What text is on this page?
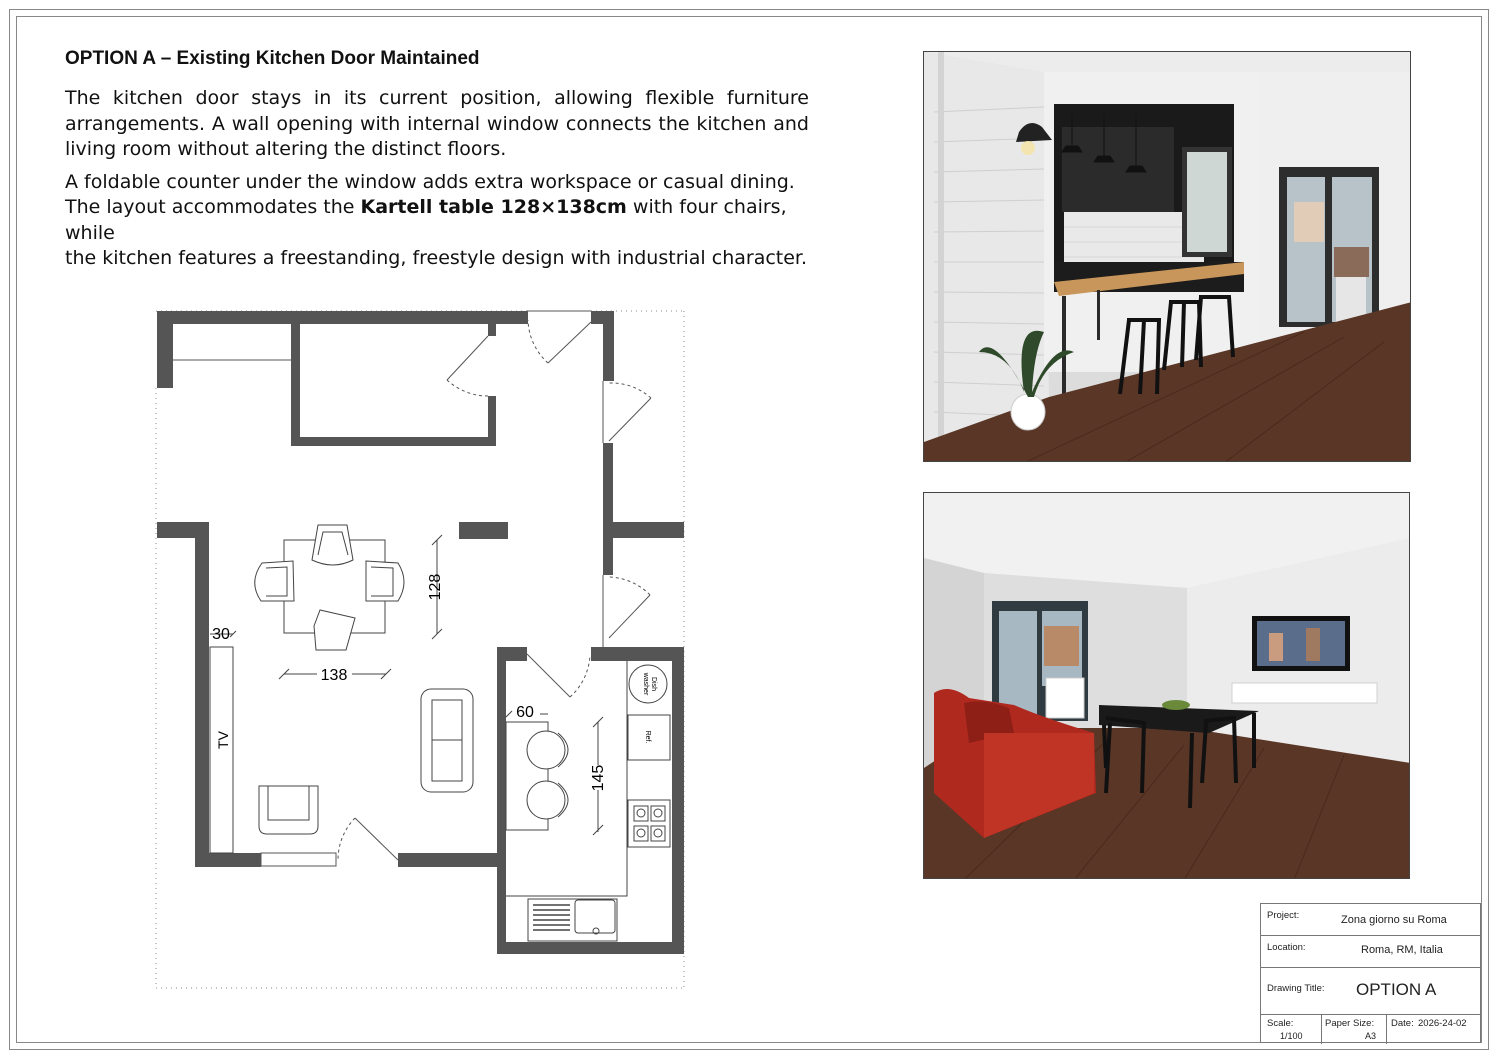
OPTION A – Existing Kitchen Door Maintained

The kitchen door stays in its current position, allowing flexible furniture arrangements. A wall opening with internal window connects the kitchen and living room without altering the distinct floors.

A foldable counter under the window adds extra workspace or casual dining.
The layout accommodates the Kartell table 128×138cm with four chairs, while
the kitchen features a freestanding, freestyle design with industrial character.

TV
Dish
washer
Ref.
128
138
30
60
145
Project:	Zona giorno su Roma
Location:	Roma, RM, Italia
Drawing Title: OPTION A
Scale:
1/100
Paper Size:
A3
Date: 2026-24-02
